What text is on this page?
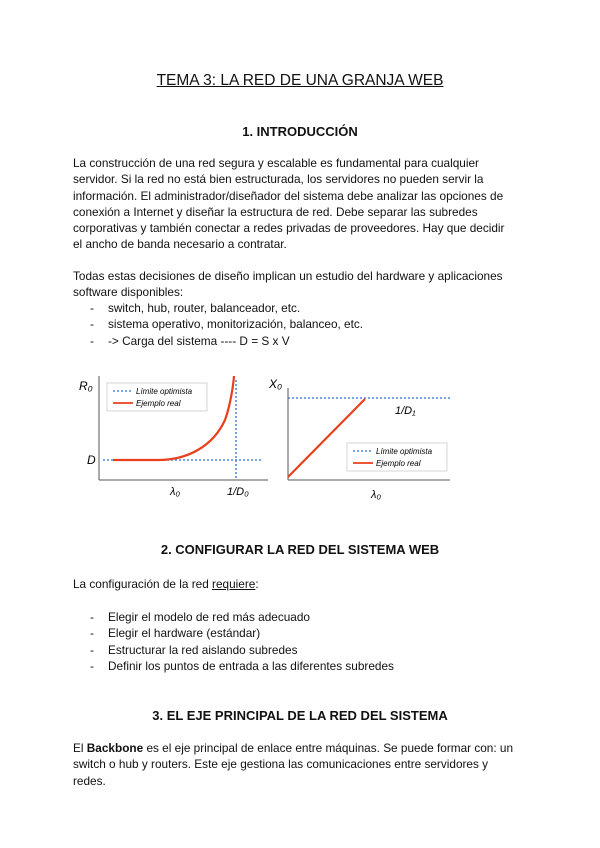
TEMA 3: LA RED DE UNA GRANJA WEB
1. INTRODUCCIÓN

La construcción de una red segura y escalable es fundamental para cualquier

servidor. Si la red no está bien estructurada, los servidores no pueden servir la

información. El administrador/diseñador del sistema debe analizar las opciones de

conexión a Internet y diseñar la estructura de red. Debe separar las subredes

corporativas y también conectar a redes privadas de proveedores. Hay que decidir

el ancho de banda necesario a contratar.

Todas estas decisiones de diseño implican un estudio del hardware y aplicaciones

software disponibles:

- switch, hub, router, balanceador, etc.
- sistema operativo, monitorización, balanceo, etc.
- -> Carga del sistema ---- D = S x V
Límite optimista
Ejemplo real
R₀
D
λ₀	1/D₀
Límite optimista
Ejemplo real
X₀
1/D₁
λ₀
2. CONFIGURAR LA RED DEL SISTEMA WEB
La configuración de la red requiere:
- Elegir el modelo de red más adecuado
- Elegir el hardware (estándar)
- Estructurar la red aislando subredes
- Definir los puntos de entrada a las diferentes subredes
3. EL EJE PRINCIPAL DE LA RED DEL SISTEMA

El Backbone es el eje principal de enlace entre máquinas. Se puede formar con: un

switch o hub y routers. Este eje gestiona las comunicaciones entre servidores y

redes.
